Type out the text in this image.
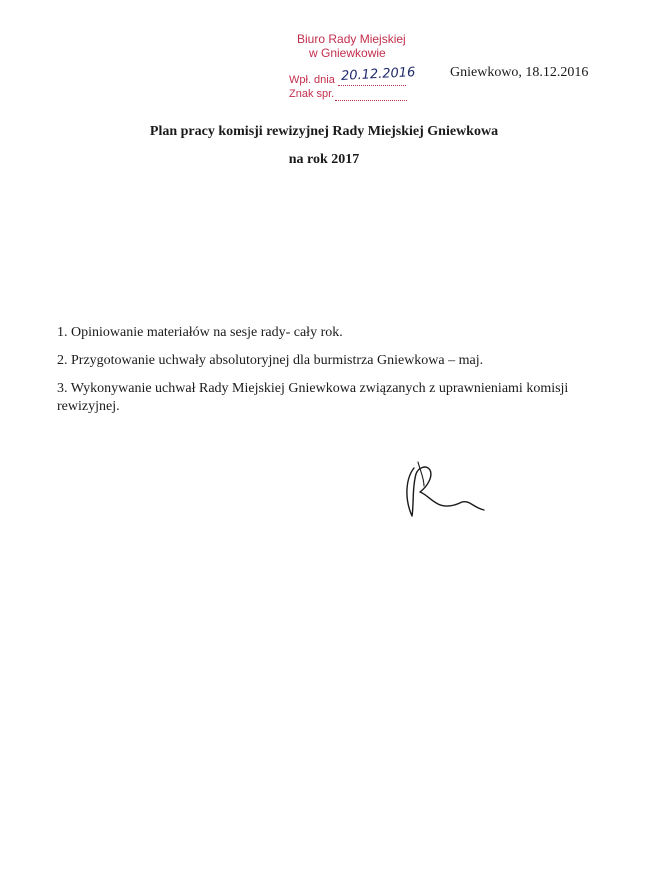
Biuro Rady Miejskiej
w Gniewkowie
Wpł. dnia 20.12.2016
Znak spr.
Gniewkowo, 18.12.2016
Plan pracy komisji rewizyjnej Rady Miejskiej Gniewkowa
na rok 2017
1. Opiniowanie materiałów na sesje rady- cały rok.
2. Przygotowanie uchwały absolutoryjnej dla burmistrza Gniewkowa – maj.
3. Wykonywanie uchwał Rady Miejskiej Gniewkowa związanych z uprawnieniami komisji rewizyjnej.
